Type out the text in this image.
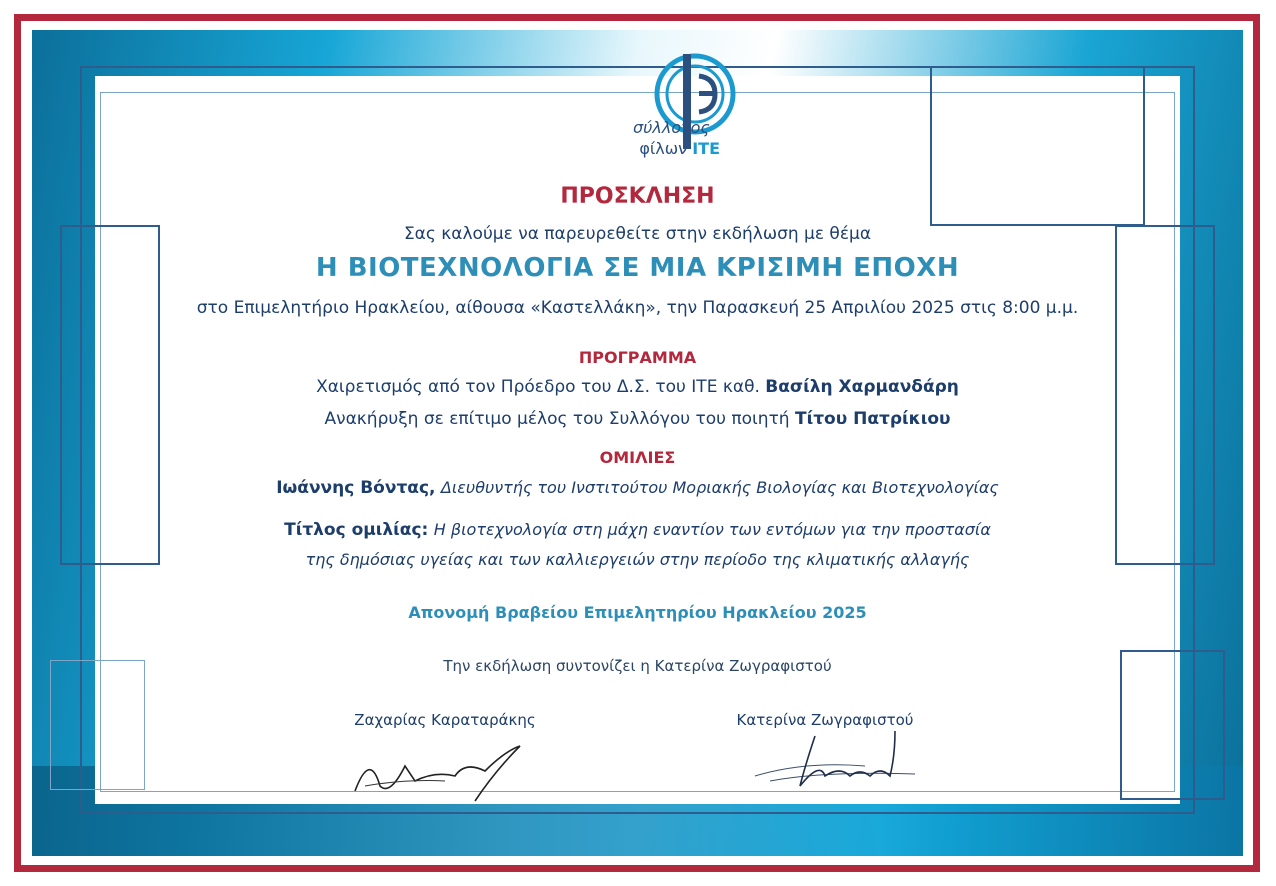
σύλλογος
φίλων ITE
ΠΡΟΣΚΛΗΣΗ
Σας καλούμε να παρευρεθείτε στην εκδήλωση με θέμα
Η ΒΙΟΤΕΧΝΟΛΟΓΙΑ ΣΕ ΜΙΑ ΚΡΙΣΙΜΗ ΕΠΟΧΗ
στο Επιμελητήριο Ηρακλείου, αίθουσα «Καστελλάκη», την Παρασκευή 25 Απριλίου 2025 στις 8:00 μ.μ.
ΠΡΟΓΡΑΜΜΑ
Χαιρετισμός από τον Πρόεδρο του Δ.Σ. του ΙΤΕ καθ. Βασίλη Χαρμανδάρη
Ανακήρυξη σε επίτιμο μέλος του Συλλόγου του ποιητή Τίτου Πατρίκιου
ΟΜΙΛΙΕΣ
Ιωάννης Βόντας, Διευθυντής του Ινστιτούτου Μοριακής Βιολογίας και Βιοτεχνολογίας
Τίτλος ομιλίας: Η βιοτεχνολογία στη μάχη εναντίον των εντόμων για την προστασία
της δημόσιας υγείας και των καλλιεργειών στην περίοδο της κλιματικής αλλαγής
Απονομή Βραβείου Επιμελητηρίου Ηρακλείου 2025
Την εκδήλωση συντονίζει η Κατερίνα Ζωγραφιστού
Ζαχαρίας Καραταράκης	Κατερίνα Ζωγραφιστού
